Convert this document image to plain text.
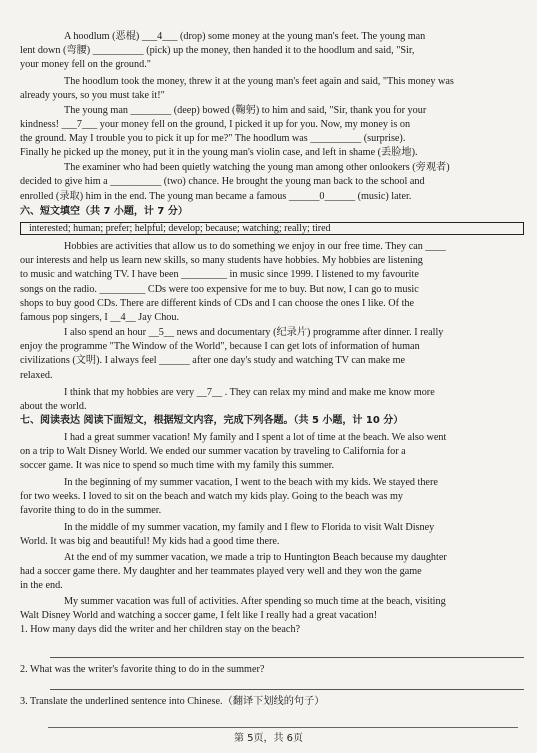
A hoodlum (恶棍) ___4___ (drop) some money at the young man's feet. The young man
lent down (弯腰) __________ (pick) up the money, then handed it to the hoodlum and said, "Sir,
your money fell on the ground."
The hoodlum took the money, threw it at the young man's feet again and said, "This money was
already yours, so you must take it!"
The young man ________ (deep) bowed (鞠躬) to him and said, "Sir, thank you for your
kindness! ___7___ your money fell on the ground, I picked it up for you. Now, my money is on
the ground. May I trouble you to pick it up for me?" The hoodlum was __________ (surprise).
Finally he picked up the money, put it in the young man's violin case, and left in shame (丢脸地).
The examiner who had been quietly watching the young man among other onlookers (旁观者)
decided to give him a __________ (two) chance. He brought the young man back to the school and
enrolled (录取) him in the end. The young man became a famous ______0______ (music) later.
六、短文填空（共 7 小题，计 7 分）
Hobbies are activities that allow us to do something we enjoy in our free time. They can ____
our interests and help us learn new skills, so many students have hobbies. My hobbies are listening
to music and watching TV. I have been _________ in music since 1999. I listened to my favourite
songs on the radio. _________ CDs were too expensive for me to buy. But now, I can go to music
shops to buy good CDs. There are different kinds of CDs and I can choose the ones I like. Of the
famous pop singers, I __4__ Jay Chou.
I also spend an hour __5__ news and documentary (纪录片) programme after dinner. I really
enjoy the programme "The Window of the World", because I can get lots of information of human
civilizations (文明). I always feel ______ after one day's study and watching TV can make me
relaxed.
I think that my hobbies are very __7__ . They can relax my mind and make me know more
about the world.
七、阅读表达 阅读下面短文，根据短文内容，完成下列各题。（共 5 小题，计 10 分）
I had a great summer vacation! My family and I spent a lot of time at the beach. We also went
on a trip to Walt Disney World. We ended our summer vacation by traveling to California for a
soccer game. It was nice to spend so much time with my family this summer.
In the beginning of my summer vacation, I went to the beach with my kids. We stayed there
for two weeks. I loved to sit on the beach and watch my kids play. Going to the beach was my
favorite thing to do in the summer.
In the middle of my summer vacation, my family and I flew to Florida to visit Walt Disney
World. It was big and beautiful! My kids had a good time there.
At the end of my summer vacation, we made a trip to Huntington Beach because my daughter
had a soccer game there. My daughter and her teammates played very well and they won the game
in the end.
My summer vacation was full of activities. After spending so much time at the beach, visiting
Walt Disney World and watching a soccer game, I felt like I really had a great vacation!
1. How many days did the writer and her children stay on the beach?
2. What was the writer's favorite thing to do in the summer?
3. Translate the underlined sentence into Chinese.（翻译下划线的句子）
interested; human; prefer; helpful; develop; because; watching; really; tired
第 5页，共 6页
